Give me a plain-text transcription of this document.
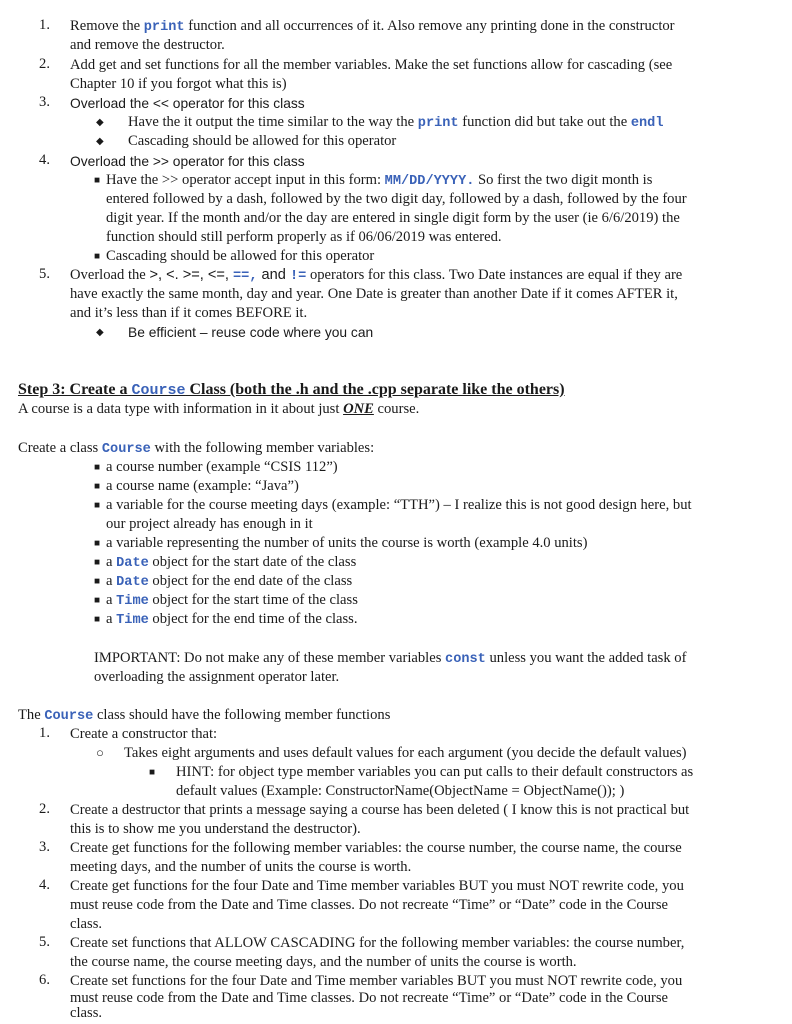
1. Remove the print function and all occurrences of it. Also remove any printing done in the constructor
and remove the destructor.
2. Add get and set functions for all the member variables. Make the set functions allow for cascading (see
Chapter 10 if you forgot what this is)
3. Overload the << operator for this class
◆ Have the it output the time similar to the way the print function did but take out the endl
◆ Cascading should be allowed for this operator
4. Overload the >> operator for this class
■ Have the >> operator accept input in this form: MM/DD/YYYY. So first the two digit month is
entered followed by a dash, followed by the two digit day, followed by a dash, followed by the four
digit year. If the month and/or the day are entered in single digit form by the user (ie 6/6/2019) the
function should still perform properly as if 06/06/2019 was entered.
■ Cascading should be allowed for this operator
5. Overload the >, <. >=, <=, ==, and != operators for this class. Two Date instances are equal if they are
have exactly the same month, day and year. One Date is greater than another Date if it comes AFTER it,
and it’s less than if it comes BEFORE it.
◆ Be efficient – reuse code where you can
Step 3: Create a Course Class (both the .h and the .cpp separate like the others)
A course is a data type with information in it about just ONE course.
Create a class Course with the following member variables:
■ a course number (example “CSIS 112”)
■ a course name (example: “Java”)
■ a variable for the course meeting days (example: “TTH”) – I realize this is not good design here, but
our project already has enough in it
■ a variable representing the number of units the course is worth (example 4.0 units)
■ a Date object for the start date of the class
■ a Date object for the end date of the class
■ a Time object for the start time of the class
■ a Time object for the end time of the class.
IMPORTANT: Do not make any of these member variables const unless you want the added task of
overloading the assignment operator later.
The Course class should have the following member functions
1. Create a constructor that:
○ Takes eight arguments and uses default values for each argument (you decide the default values)
■ HINT: for object type member variables you can put calls to their default constructors as
default values (Example: ConstructorName(ObjectName = ObjectName()); )
2. Create a destructor that prints a message saying a course has been deleted ( I know this is not practical but
this is to show me you understand the destructor).
3. Create get functions for the following member variables: the course number, the course name, the course
meeting days, and the number of units the course is worth.
4. Create get functions for the four Date and Time member variables BUT you must NOT rewrite code, you
must reuse code from the Date and Time classes. Do not recreate “Time” or “Date” code in the Course
class.
5. Create set functions that ALLOW CASCADING for the following member variables: the course number,
the course name, the course meeting days, and the number of units the course is worth.
6. Create set functions for the four Date and Time member variables BUT you must NOT rewrite code, you
must reuse code from the Date and Time classes. Do not recreate “Time” or “Date” code in the Course
class.
